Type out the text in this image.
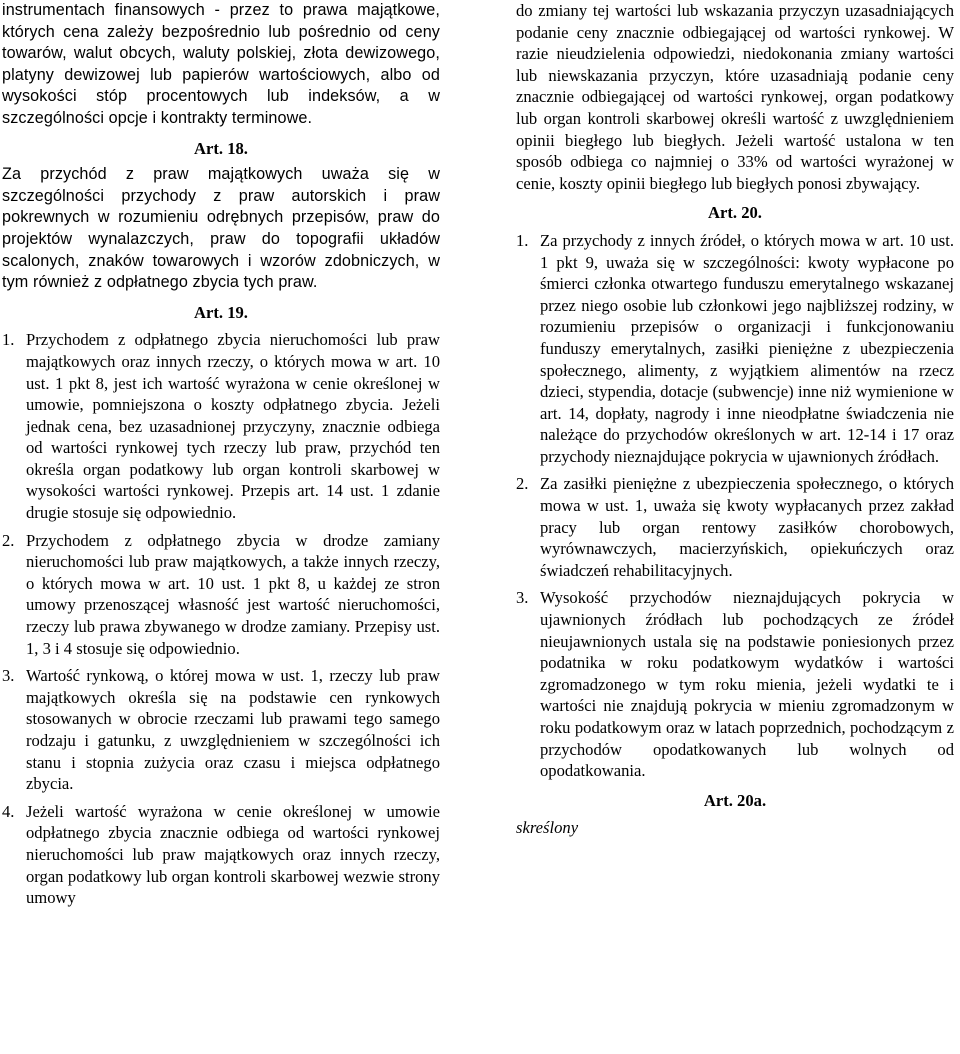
instrumentach finansowych - przez to prawa majątkowe, których cena zależy bezpośrednio lub pośrednio od ceny towarów, walut obcych, waluty polskiej, złota dewizowego, platyny dewizowej lub papierów wartościowych, albo od wysokości stóp procentowych lub indeksów, a w szczególności opcje i kontrakty terminowe.

Art. 18.

Za przychód z praw majątkowych uważa się w szczególności przychody z praw autorskich i praw pokrewnych w rozumieniu odrębnych przepisów, praw do projektów wynalazczych, praw do topografii układów scalonych, znaków towarowych i wzorów zdobniczych, w tym również z odpłatnego zbycia tych praw.

Art. 19.
1. Przychodem z odpłatnego zbycia nieruchomości lub praw majątkowych oraz innych rzeczy, o których mowa w art. 10 ust. 1 pkt 8, jest ich wartość wyrażona w cenie określonej w umowie, pomniejszona o koszty odpłatnego zbycia. Jeżeli jednak cena, bez uzasadnionej przyczyny, znacznie odbiega od wartości rynkowej tych rzeczy lub praw, przychód ten określa organ podatkowy lub organ kontroli skarbowej w wysokości wartości rynkowej. Przepis art. 14 ust. 1 zdanie drugie stosuje się odpowiednio.

2. Przychodem z odpłatnego zbycia w drodze zamiany nieruchomości lub praw majątkowych, a także innych rzeczy, o których mowa w art. 10 ust. 1 pkt 8, u każdej ze stron umowy przenoszącej własność jest wartość nieruchomości, rzeczy lub prawa zbywanego w drodze zamiany. Przepisy ust. 1, 3 i 4 stosuje się odpowiednio.

3. Wartość rynkową, o której mowa w ust. 1, rzeczy lub praw majątkowych określa się na podstawie cen rynkowych stosowanych w obrocie rzeczami lub prawami tego samego rodzaju i gatunku, z uwzględnieniem w szczególności ich stanu i stopnia zużycia oraz czasu i miejsca odpłatnego zbycia.

4. Jeżeli wartość wyrażona w cenie określonej w umowie odpłatnego zbycia znacznie odbiega od wartości rynkowej nieruchomości lub praw majątkowych oraz innych rzeczy, organ podatkowy lub organ kontroli skarbowej wezwie strony umowy

do zmiany tej wartości lub wskazania przyczyn uzasadniających podanie ceny znacznie odbiegającej od wartości rynkowej. W razie nieudzielenia odpowiedzi, niedokonania zmiany wartości lub niewskazania przyczyn, które uzasadniają podanie ceny znacznie odbiegającej od wartości rynkowej, organ podatkowy lub organ kontroli skarbowej określi wartość z uwzględnieniem opinii biegłego lub biegłych. Jeżeli wartość ustalona w ten sposób odbiega co najmniej o 33% od wartości wyrażonej w cenie, koszty opinii biegłego lub biegłych ponosi zbywający.

Art. 20.
1. Za przychody z innych źródeł, o których mowa w art. 10 ust. 1 pkt 9, uważa się w szczególności: kwoty wypłacone po śmierci członka otwartego funduszu emerytalnego wskazanej przez niego osobie lub członkowi jego najbliższej rodziny, w rozumieniu przepisów o organizacji i funkcjonowaniu funduszy emerytalnych, zasiłki pieniężne z ubezpieczenia społecznego, alimenty, z wyjątkiem alimentów na rzecz dzieci, stypendia, dotacje (subwencje) inne niż wymienione w art. 14, dopłaty, nagrody i inne nieodpłatne świadczenia nie należące do przychodów określonych w art. 12-14 i 17 oraz przychody nieznajdujące pokrycia w ujawnionych źródłach.

2. Za zasiłki pieniężne z ubezpieczenia społecznego, o których mowa w ust. 1, uważa się kwoty wypłacanych przez zakład pracy lub organ rentowy zasiłków chorobowych, wyrównawczych, macierzyńskich, opiekuńczych oraz świadczeń rehabilitacyjnych.

3. Wysokość przychodów nieznajdujących pokrycia w ujawnionych źródłach lub pochodzących ze źródeł nieujawnionych ustala się na podstawie poniesionych przez podatnika w roku podatkowym wydatków i wartości zgromadzonego w tym roku mienia, jeżeli wydatki te i wartości nie znajdują pokrycia w mieniu zgromadzonym w roku podatkowym oraz w latach poprzednich, pochodzącym z przychodów opodatkowanych lub wolnych od opodatkowania.

Art. 20a.
skreślony
